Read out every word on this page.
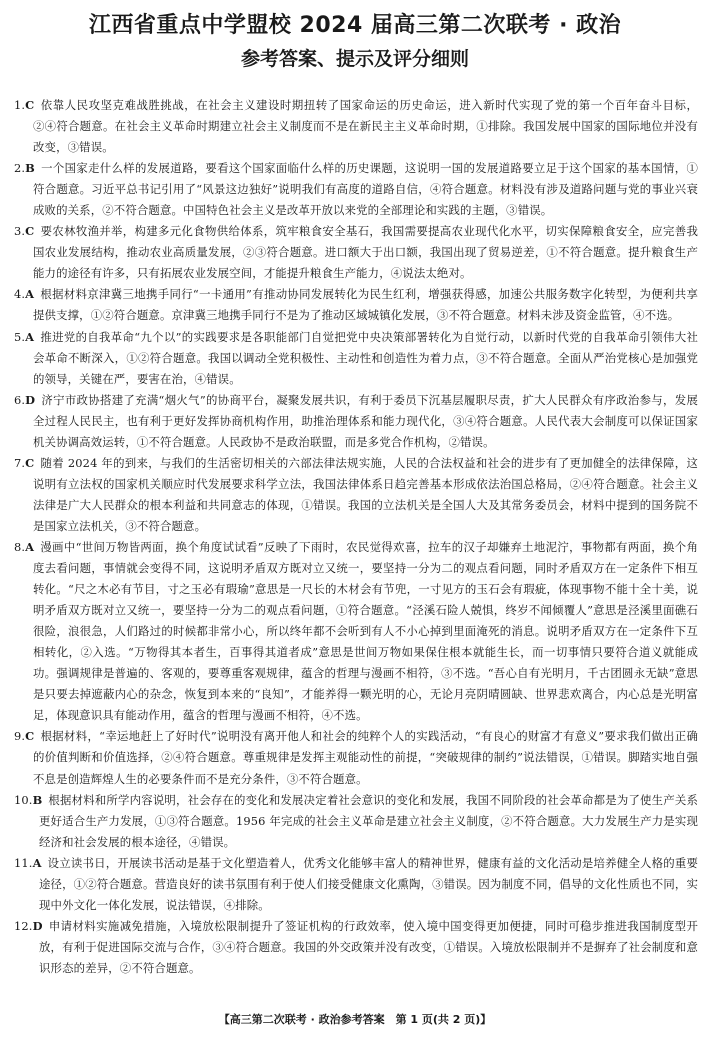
江西省重点中学盟校 2024 届高三第二次联考 · 政治
参考答案、提示及评分细则
1.C 依靠人民攻坚克难战胜挑战，在社会主义建设时期扭转了国家命运的历史命运，进入新时代实现了党的第一个百年奋斗目标，②④符合题意。在社会主义革命时期建立社会主义制度而不是在新民主主义革命时期，①排除。我国发展中国家的国际地位并没有改变，③错误。
2.B 一个国家走什么样的发展道路，要看这个国家面临什么样的历史课题，这说明一国的发展道路要立足于这个国家的基本国情，①符合题意。习近平总书记引用了“风景这边独好”说明我们有高度的道路自信，④符合题意。材料没有涉及道路问题与党的事业兴衰成败的关系，②不符合题意。中国特色社会主义是改革开放以来党的全部理论和实践的主题，③错误。
3.C 要农林牧渔并举，构建多元化食物供给体系，筑牢粮食安全基石，我国需要提高农业现代化水平，切实保障粮食安全，应完善我国农业发展结构，推动农业高质量发展，②③符合题意。进口额大于出口额，我国出现了贸易逆差，①不符合题意。提升粮食生产能力的途径有许多，只有拓展农业发展空间，才能提升粮食生产能力，④说法太绝对。
4.A 根据材料京津冀三地携手同行“一卡通用”有推动协同发展转化为民生红利，增强获得感，加速公共服务数字化转型，为便利共享提供支撑，①②符合题意。京津冀三地携手同行不是为了推动区域城镇化发展，③不符合题意。材料未涉及资金监管，④不选。
5.A 推进党的自我革命“九个以”的实践要求是各职能部门自觉把党中央决策部署转化为自觉行动，以新时代党的自我革命引领伟大社会革命不断深入，①②符合题意。我国以调动全党积极性、主动性和创造性为着力点，③不符合题意。全面从严治党核心是加强党的领导，关键在严，要害在治，④错误。
6.D 济宁市政协搭建了充满“烟火气”的协商平台，凝聚发展共识，有利于委员下沉基层履职尽责，扩大人民群众有序政治参与，发展全过程人民民主，也有利于更好发挥协商机构作用，助推治理体系和能力现代化，③④符合题意。人民代表大会制度可以保证国家机关协调高效运转，①不符合题意。人民政协不是政治联盟，而是多党合作机构，②错误。
7.C 随着 2024 年的到来，与我们的生活密切相关的六部法律法规实施，人民的合法权益和社会的进步有了更加健全的法律保障，这说明有立法权的国家机关顺应时代发展要求科学立法，我国法律体系日趋完善基本形成依法治国总格局，②④符合题意。社会主义法律是广大人民群众的根本利益和共同意志的体现，①错误。我国的立法机关是全国人大及其常务委员会，材料中提到的国务院不是国家立法机关，③不符合题意。
8.A 漫画中“世间万物皆两面，换个角度试试看”反映了下雨时，农民觉得欢喜，拉车的汉子却嫌弃土地泥泞，事物都有两面，换个角度去看问题，事情就会变得不同，这说明矛盾双方既对立又统一，要坚持一分为二的观点看问题，同时矛盾双方在一定条件下相互转化。“尺之木必有节目，寸之玉必有瑕瑜”意思是一尺长的木材会有节兜，一寸见方的玉石会有瑕疵，体现事物不能十全十美，说明矛盾双方既对立又统一，要坚持一分为二的观点看问题，①符合题意。“泾溪石险人兢惧，终岁不闻倾覆人”意思是泾溪里面礁石很险，浪很急，人们路过的时候都非常小心，所以终年都不会听到有人不小心掉到里面淹死的消息。说明矛盾双方在一定条件下互相转化，②入选。“万物得其本者生，百事得其道者成”意思是世间万物如果保住根本就能生长，而一切事情只要符合道义就能成功。强调规律是普遍的、客观的，要尊重客观规律，蕴含的哲理与漫画不相符，③不选。“吾心自有光明月，千古团圆永无缺”意思是只要去掉遮蔽内心的杂念，恢复到本来的“良知”，才能养得一颗光明的心，无论月亮阴晴圆缺、世界悲欢离合，内心总是光明富足，体现意识具有能动作用，蕴含的哲理与漫画不相符，④不选。
9.C 根据材料，“幸运地赶上了好时代”说明没有离开他人和社会的纯粹个人的实践活动，“有良心的财富才有意义”要求我们做出正确的价值判断和价值选择，②④符合题意。尊重规律是发挥主观能动性的前提，“突破规律的制约”说法错误，①错误。脚踏实地自强不息是创造辉煌人生的必要条件而不是充分条件，③不符合题意。
10.B 根据材料和所学内容说明，社会存在的变化和发展决定着社会意识的变化和发展，我国不同阶段的社会革命都是为了使生产关系更好适合生产力发展，①③符合题意。1956 年完成的社会主义革命是建立社会主义制度，②不符合题意。大力发展生产力是实现经济和社会发展的根本途径，④错误。
11.A 设立读书日，开展读书活动是基于文化塑造着人，优秀文化能够丰富人的精神世界，健康有益的文化活动是培养健全人格的重要途径，①②符合题意。营造良好的读书氛围有利于使人们接受健康文化熏陶，③错误。因为制度不同，倡导的文化性质也不同，实现中外文化一体化发展，说法错误，④排除。
12.D 申请材料实施减免措施，入境放松限制提升了签证机构的行政效率，使入境中国变得更加便捷，同时可稳步推进我国制度型开放，有利于促进国际交流与合作，③④符合题意。我国的外交政策并没有改变，①错误。入境放松限制并不是摒弃了社会制度和意识形态的差异，②不符合题意。
【高三第二次联考 · 政治参考答案　第 1 页(共 2 页)】
